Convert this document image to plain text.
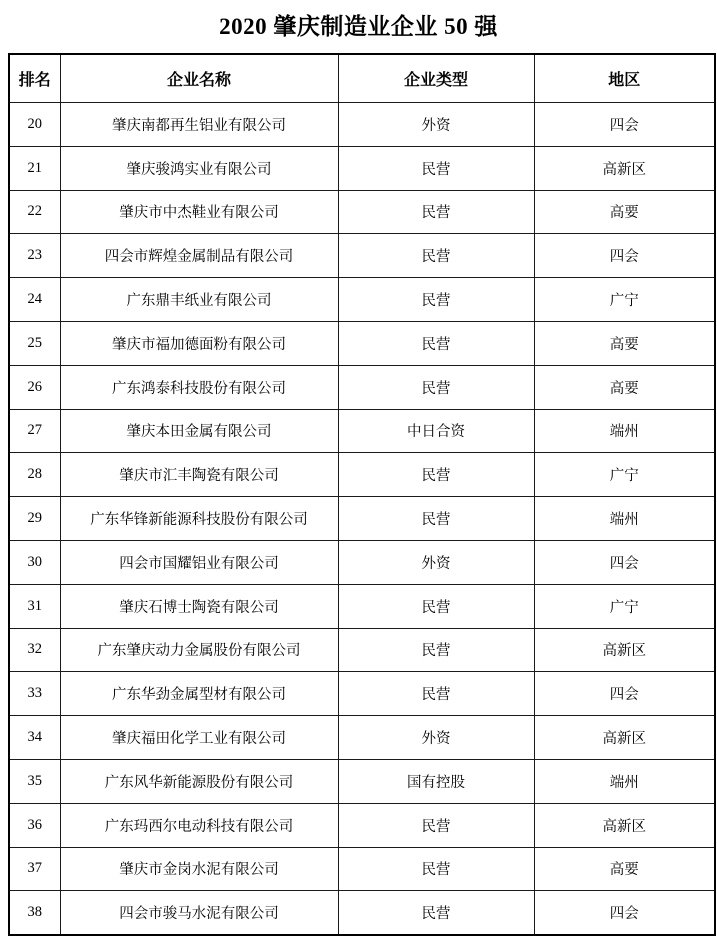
2020 肇庆制造业企业 50 强
排名	企业名称	企业类型	地区
20	肇庆南都再生铝业有限公司	外资	四会
21	肇庆骏鸿实业有限公司	民营	高新区
22	肇庆市中杰鞋业有限公司	民营	高要
23	四会市辉煌金属制品有限公司	民营	四会
24	广东鼎丰纸业有限公司	民营	广宁
25	肇庆市福加德面粉有限公司	民营	高要
26	广东鸿泰科技股份有限公司	民营	高要
27	肇庆本田金属有限公司	中日合资	端州
28	肇庆市汇丰陶瓷有限公司	民营	广宁
29	广东华锋新能源科技股份有限公司	民营	端州
30	四会市国耀铝业有限公司	外资	四会
31	肇庆石博士陶瓷有限公司	民营	广宁
32	广东肇庆动力金属股份有限公司	民营	高新区
33	广东华劲金属型材有限公司	民营	四会
34	肇庆福田化学工业有限公司	外资	高新区
35	广东风华新能源股份有限公司	国有控股	端州
36	广东玛西尔电动科技有限公司	民营	高新区
37	肇庆市金岗水泥有限公司	民营	高要
38	四会市骏马水泥有限公司	民营	四会
